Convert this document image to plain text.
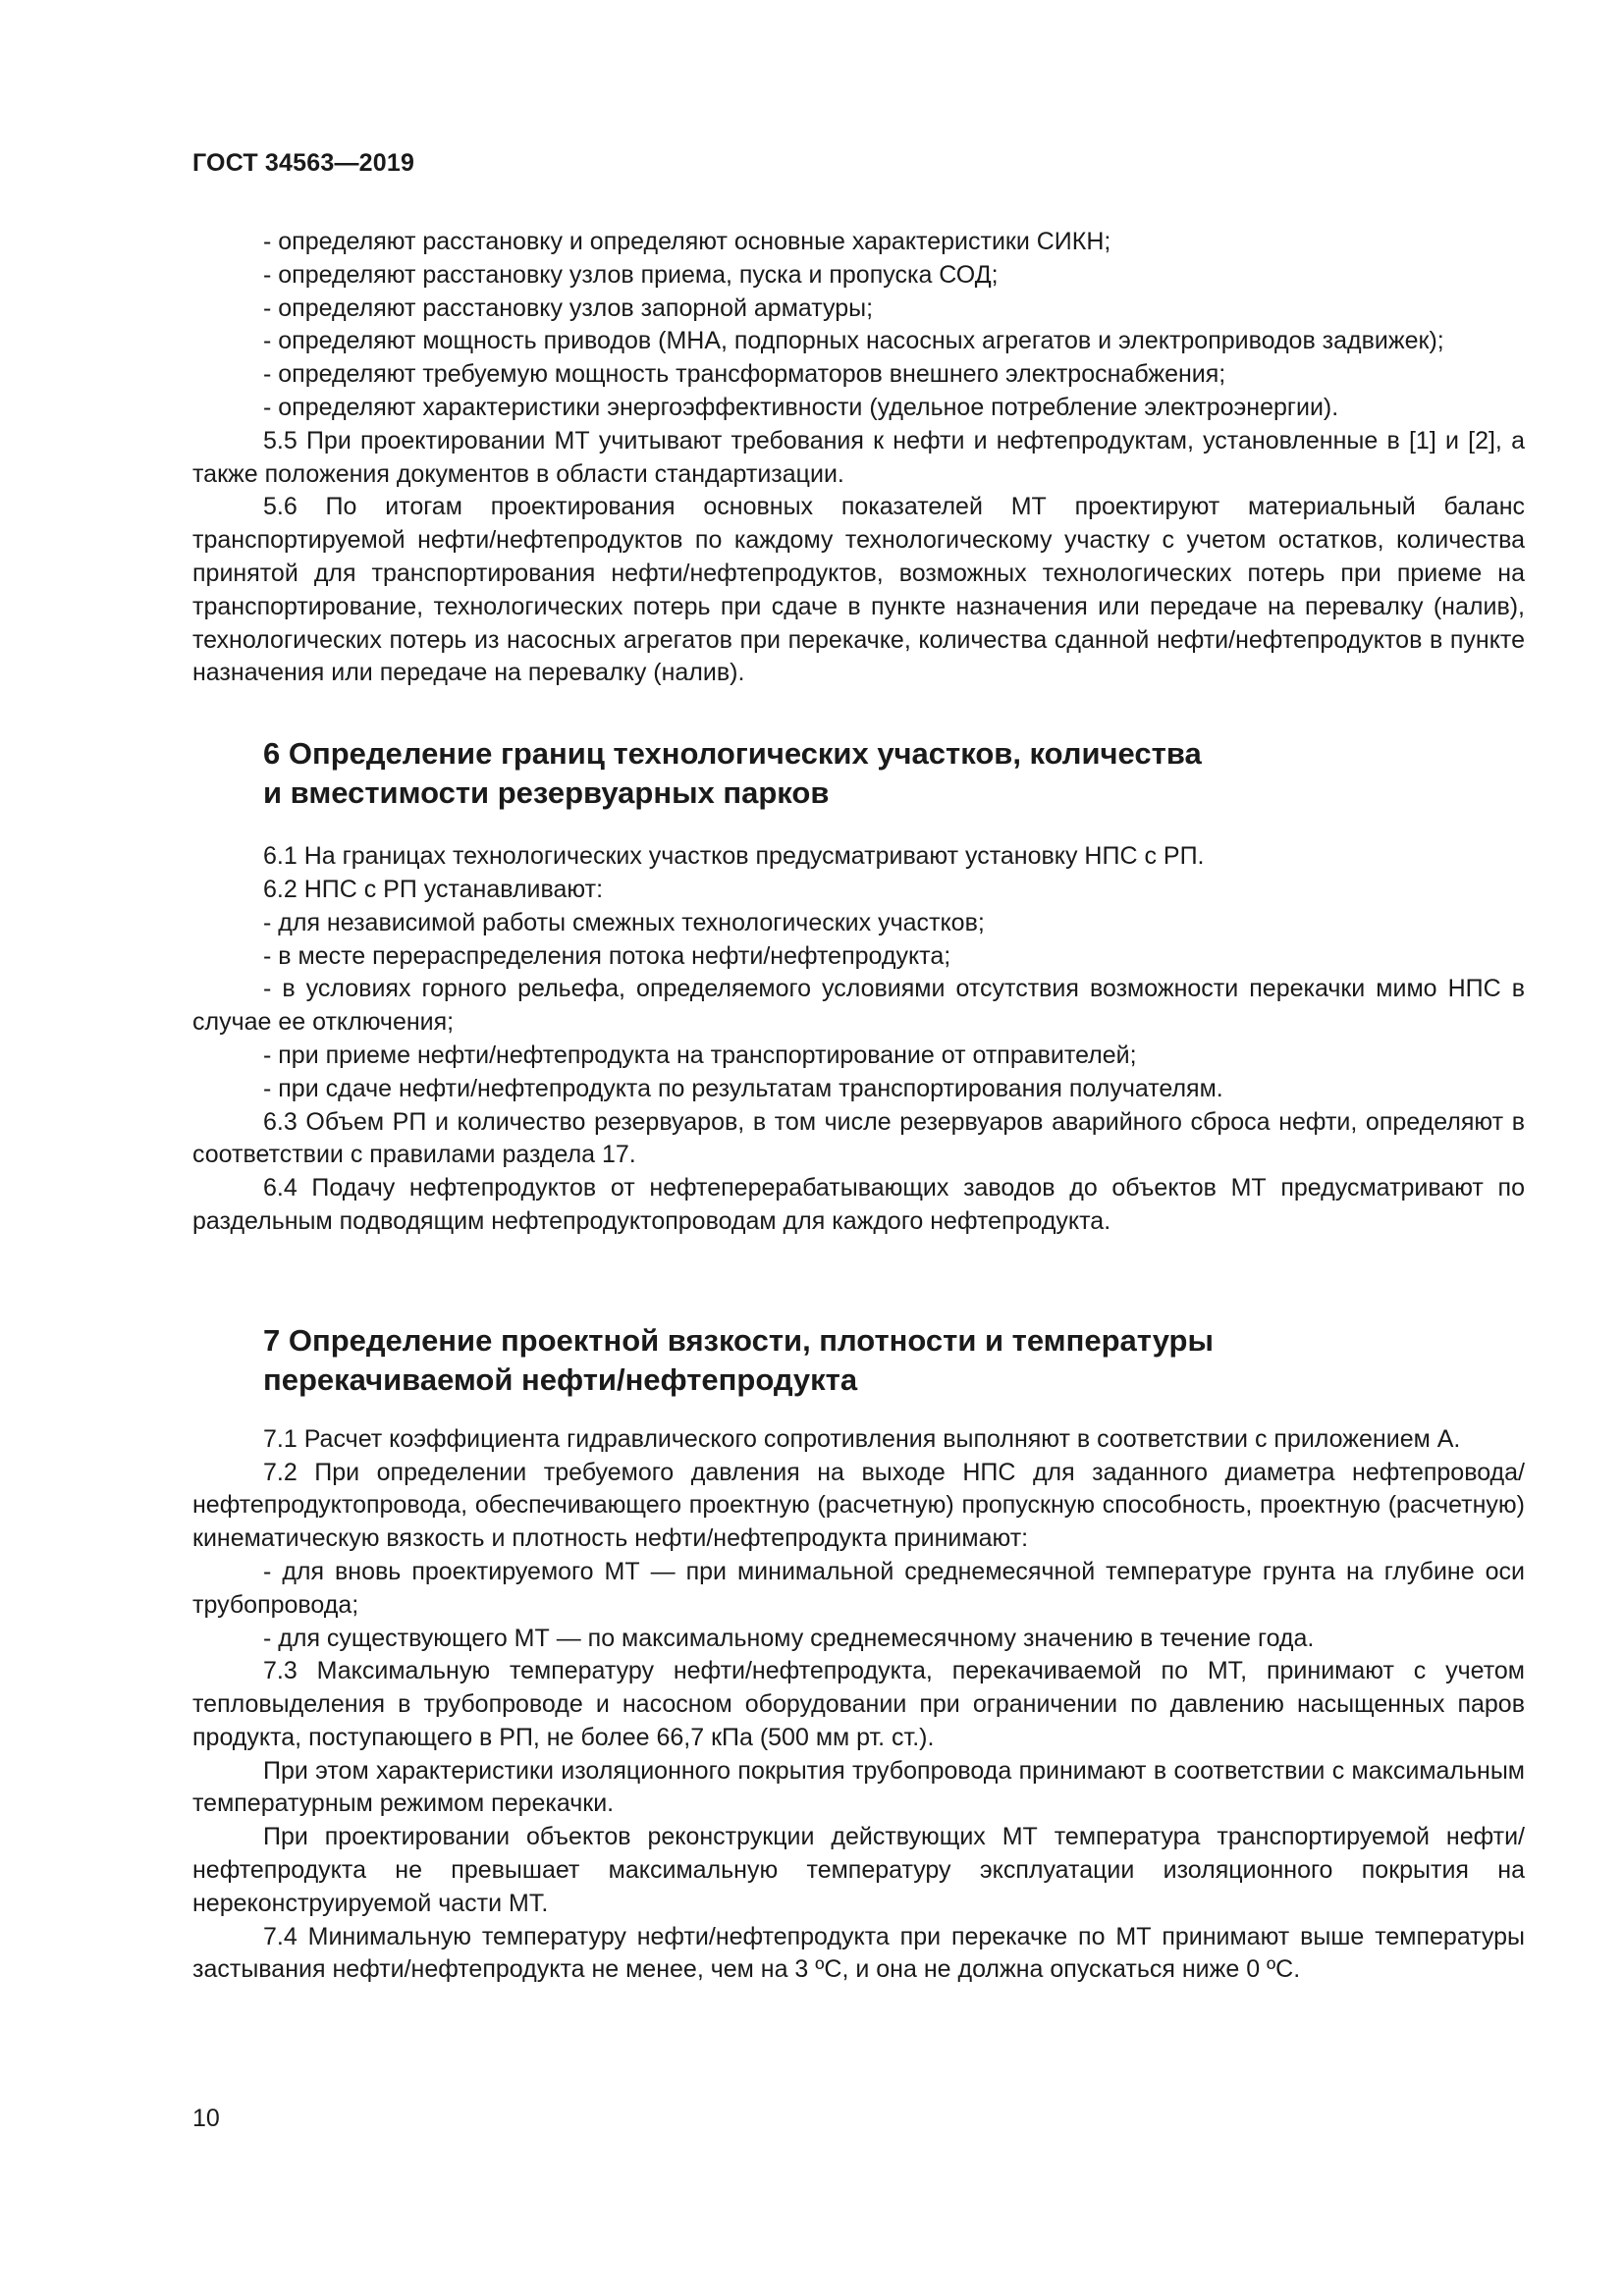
ГОСТ 34563—2019

- определяют расстановку и определяют основные характеристики СИКН;

- определяют расстановку узлов приема, пуска и пропуска СОД;

- определяют расстановку узлов запорной арматуры;

- определяют мощность приводов (МНА, подпорных насосных агрегатов и электроприводов задвижек);

- определяют требуемую мощность трансформаторов внешнего электроснабжения;

- определяют характеристики энергоэффективности (удельное потребление электроэнергии).

5.5 При проектировании МТ учитывают требования к нефти и нефтепродуктам, установленные в [1] и [2], а также положения документов в области стандартизации.

5.6 По итогам проектирования основных показателей МТ проектируют материальный баланс транспортируемой нефти/нефтепродуктов по каждому технологическому участку с учетом остатков, количества принятой для транспортирования нефти/нефтепродуктов, возможных технологических потерь при приеме на транспортирование, технологических потерь при сдаче в пункте назначения или передаче на перевалку (налив), технологических потерь из насосных агрегатов при перекачке, количества сданной нефти/нефтепродуктов в пункте назначения или передаче на перевалку (налив).

6 Определение границ технологических участков, количества
и вместимости резервуарных парков

6.1 На границах технологических участков предусматривают установку НПС с РП.

6.2 НПС с РП устанавливают:

- для независимой работы смежных технологических участков;

- в месте перераспределения потока нефти/нефтепродукта;

- в условиях горного рельефа, определяемого условиями отсутствия возможности перекачки мимо НПС в случае ее отключения;

- при приеме нефти/нефтепродукта на транспортирование от отправителей;

- при сдаче нефти/нефтепродукта по результатам транспортирования получателям.

6.3 Объем РП и количество резервуаров, в том числе резервуаров аварийного сброса нефти, определяют в соответствии с правилами раздела 17.

6.4 Подачу нефтепродуктов от нефтеперерабатывающих заводов до объектов МТ предусматривают по раздельным подводящим нефтепродуктопроводам для каждого нефтепродукта.

7 Определение проектной вязкости, плотности и температуры
перекачиваемой нефти/нефтепродукта

7.1 Расчет коэффициента гидравлического сопротивления выполняют в соответствии с приложением А.

7.2 При определении требуемого давления на выходе НПС для заданного диаметра нефтепровода/нефтепродуктопровода, обеспечивающего проектную (расчетную) пропускную способность, проектную (расчетную) кинематическую вязкость и плотность нефти/нефтепродукта принимают:

- для вновь проектируемого МТ — при минимальной среднемесячной температуре грунта на глубине оси трубопровода;

- для существующего МТ — по максимальному среднемесячному значению в течение года.

7.3 Максимальную температуру нефти/нефтепродукта, перекачиваемой по МТ, принимают с учетом тепловыделения в трубопроводе и насосном оборудовании при ограничении по давлению насыщенных паров продукта, поступающего в РП, не более 66,7 кПа (500 мм рт. ст.).

При этом характеристики изоляционного покрытия трубопровода принимают в соответствии с максимальным температурным режимом перекачки.

При проектировании объектов реконструкции действующих МТ температура транспортируемой нефти/нефтепродукта не превышает максимальную температуру эксплуатации изоляционного покрытия на нереконструируемой части МТ.

7.4 Минимальную температуру нефти/нефтепродукта при перекачке по МТ принимают выше температуры застывания нефти/нефтепродукта не менее, чем на 3 ºС, и она не должна опускаться ниже 0 ºС.

10
